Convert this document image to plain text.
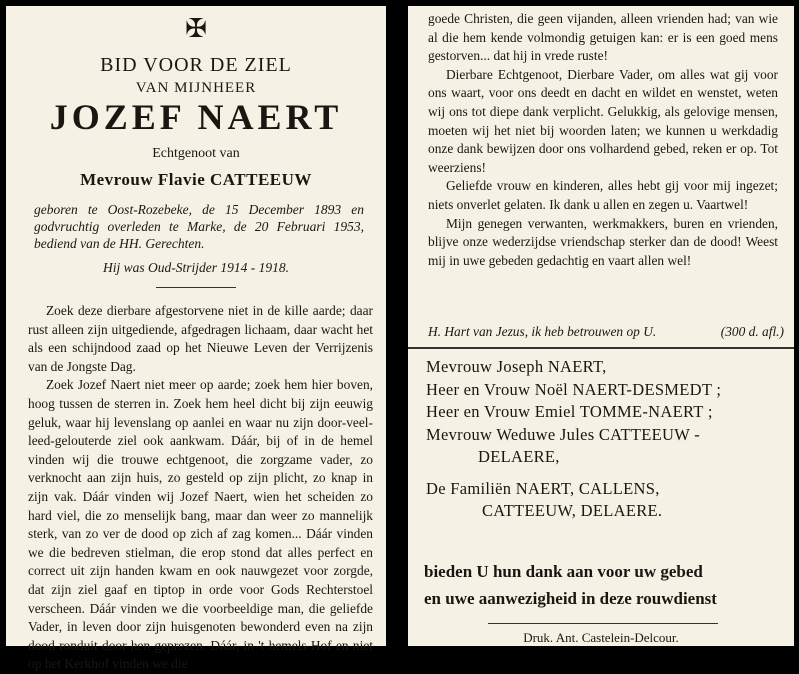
✠
BID VOOR DE ZIEL
VAN MIJNHEER
JOZEF NAERT
Echtgenoot van
Mevrouw Flavie CATTEEUW
geboren te Oost-Rozebeke, de 15 December 1893 en godvruchtig overleden te Marke, de 20 Februari 1953, bediend van de HH. Gerechten.
Hij was Oud-Strijder 1914 - 1918.

Zoek deze dierbare afgestorvene niet in de kille aarde; daar rust alleen zijn uitgediende, afgedragen lichaam, daar wacht het als een schijndood zaad op het Nieuwe Leven der Verrijzenis van de Jongste Dag.

Zoek Jozef Naert niet meer op aarde; zoek hem hier boven, hoog tussen de sterren in. Zoek hem heel dicht bij zijn eeuwig geluk, waar hij levenslang op aanlei en waar nu zijn door-veel-leed-gelouterde ziel ook aankwam. Dáár, bij of in de hemel vinden wij die trouwe echtgenoot, die zorgzame vader, zo verknocht aan zijn huis, zo gesteld op zijn plicht, zo knap in zijn vak. Dáár vinden wij Jozef Naert, wien het scheiden zo hard viel, die zo menselijk bang, maar dan weer zo mannelijk sterk, van zo ver de dood op zich af zag komen... Dáár vinden we die bedreven stielman, die erop stond dat alles perfect en correct uit zijn handen kwam en ook nauwgezet voor zorgde, dat zijn ziel gaaf en tiptop in orde voor Gods Rechterstoel verscheen. Dáár vinden we die voorbeeldige man, die geliefde Vader, in leven door zijn huisgenoten bewonderd even na zijn dood ronduit door hen geprezen. Dáár, in 't hemels Hof en niet op het Kerkhof vinden we die

goede Christen, die geen vijanden, alleen vrienden had; van wie al die hem kende volmondig getuigen kan: er is een goed mens gestorven... dat hij in vrede ruste!

Dierbare Echtgenoot, Dierbare Vader, om alles wat gij voor ons waart, voor ons deedt en dacht en wildet en wenstet, weten wij ons tot diepe dank verplicht. Gelukkig, als gelovige mensen, moeten wij het niet bij woorden laten; we kunnen u werkdadig onze dank bewijzen door ons volhardend gebed, reken er op. Tot weerziens!

Geliefde vrouw en kinderen, alles hebt gij voor mij ingezet; niets onverlet gelaten. Ik dank u allen en zegen u. Vaartwel!

Mijn genegen verwanten, werkmakkers, buren en vrienden, blijve onze wederzijdse vriendschap sterker dan de dood! Weest mij in uwe gebeden gedachtig en vaart allen wel!

H. Hart van Jezus, ik heb betrouwen op U.	(300 d. afl.)
Mevrouw Joseph NAERT,
Heer en Vrouw Noël NAERT-DESMEDT ;
Heer en Vrouw Emiel TOMME-NAERT ;
Mevrouw Weduwe Jules CATTEEUW -
DELAERE,
De Familiën NAERT, CALLENS,
CATTEEUW, DELAERE.
bieden U hun dank aan voor uw gebed
en uwe aanwezigheid in deze rouwdienst
Druk. Ant. Castelein-Delcour.
